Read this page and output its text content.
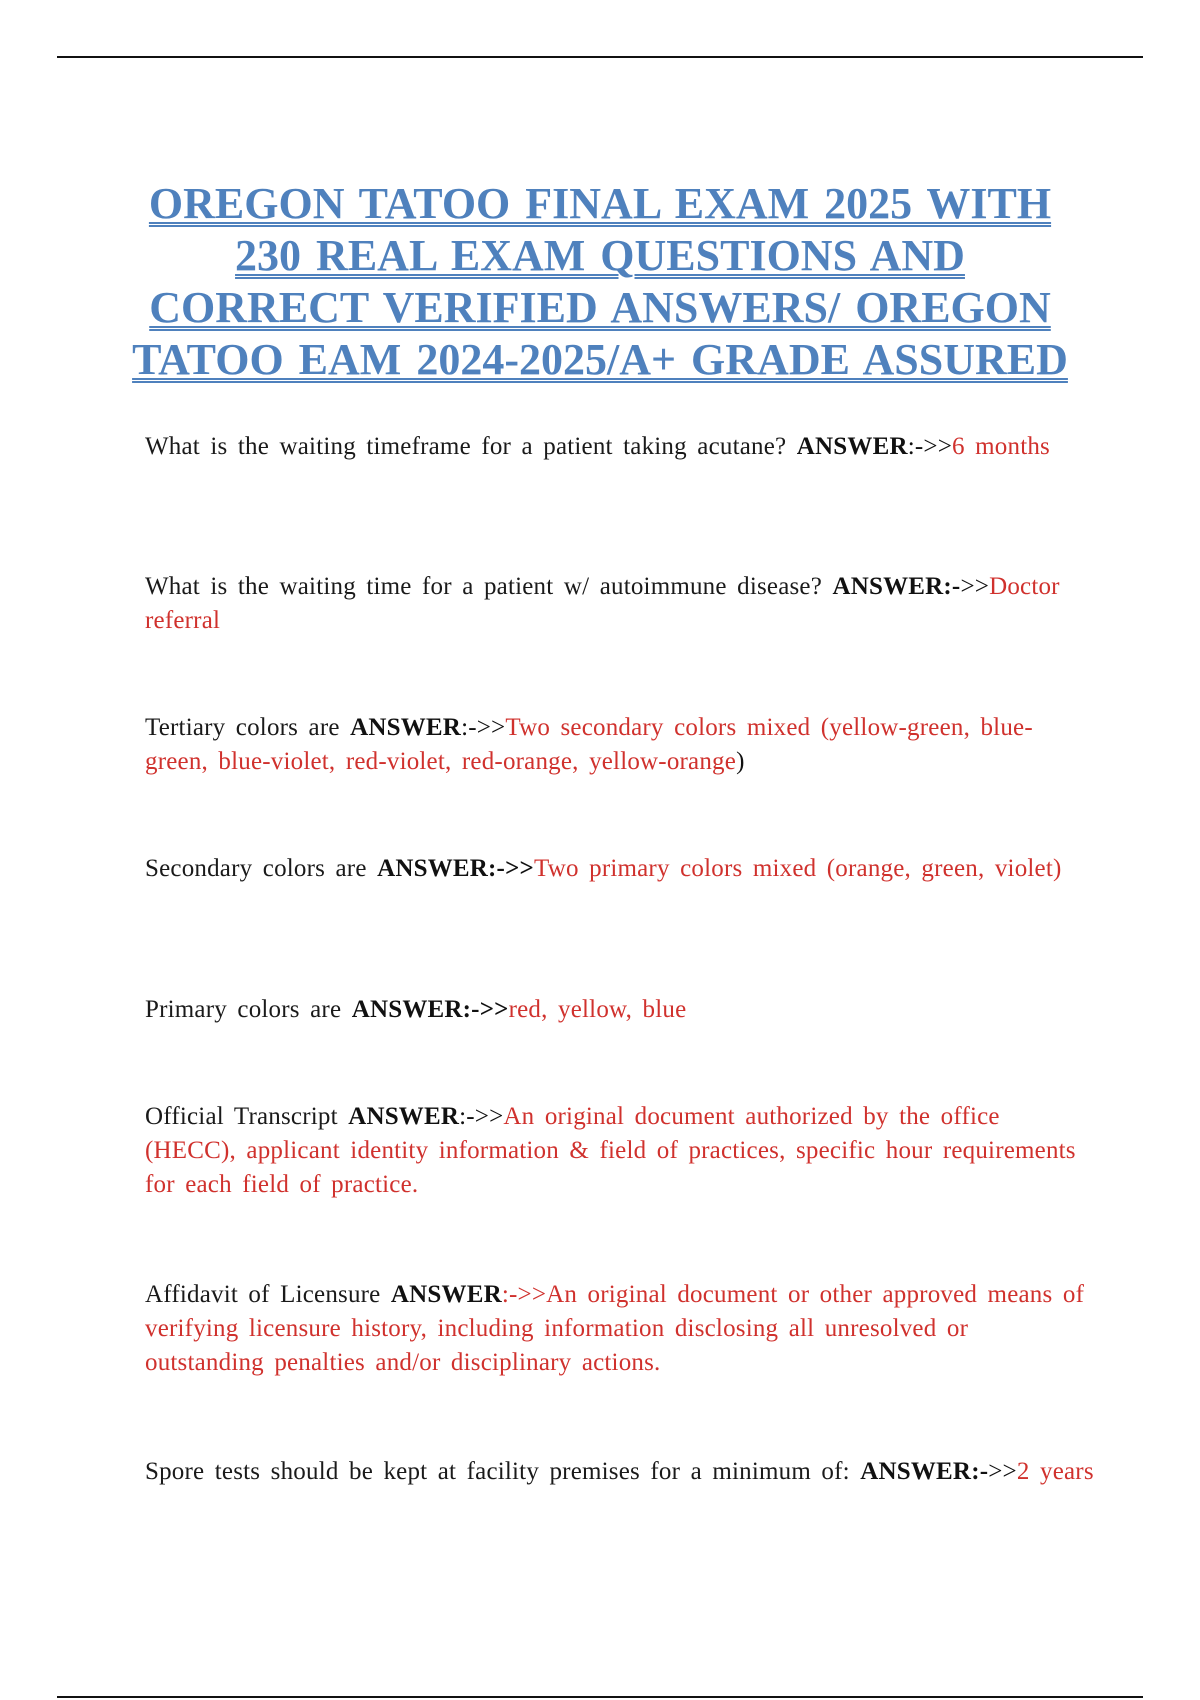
OREGON TATOO FINAL EXAM 2025 WITH
230 REAL EXAM QUESTIONS AND
CORRECT VERIFIED ANSWERS/ OREGON
TATOO EAM 2024-2025/A+ GRADE ASSURED
What is the waiting timeframe for a patient taking acutane? ANSWER:->>6 months
What is the waiting time for a patient w/ autoimmune disease? ANSWER:->>Doctor referral
Tertiary colors are ANSWER:->>Two secondary colors mixed (yellow-green, blue-green, blue-violet, red-violet, red-orange, yellow-orange)
Secondary colors are ANSWER:->>Two primary colors mixed (orange, green, violet)
Primary colors are ANSWER:->>red, yellow, blue
Official Transcript ANSWER:->>An original document authorized by the office (HECC), applicant identity information & field of practices, specific hour requirements for each field of practice.
Affidavit of Licensure ANSWER:->>An original document or other approved means of verifying licensure history, including information disclosing all unresolved or outstanding penalties and/or disciplinary actions.
Spore tests should be kept at facility premises for a minimum of: ANSWER:->>2 years
